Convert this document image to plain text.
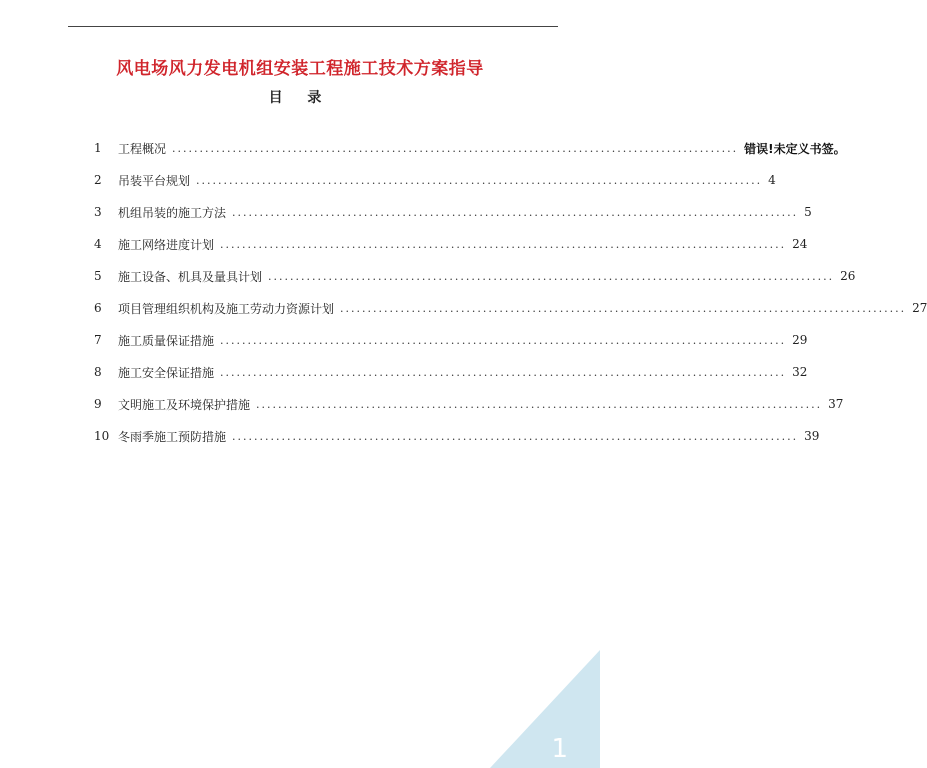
风电场风力发电机组安装工程施工技术方案指导
目 录
1	工程概况 ....................................................................................................... 错误!未定义书签。
2	吊装平台规划 ....................................................................................................... 4
3	机组吊装的施工方法 ....................................................................................................... 5
4	施工网络进度计划 ....................................................................................................... 24
5	施工设备、机具及量具计划 ....................................................................................................... 26
6	项目管理组织机构及施工劳动力资源计划 ....................................................................................................... 27
7	施工质量保证措施 ....................................................................................................... 29
8	施工安全保证措施 ....................................................................................................... 32
9	文明施工及环境保护措施 ....................................................................................................... 37
10 冬雨季施工预防措施 ....................................................................................................... 39
1
